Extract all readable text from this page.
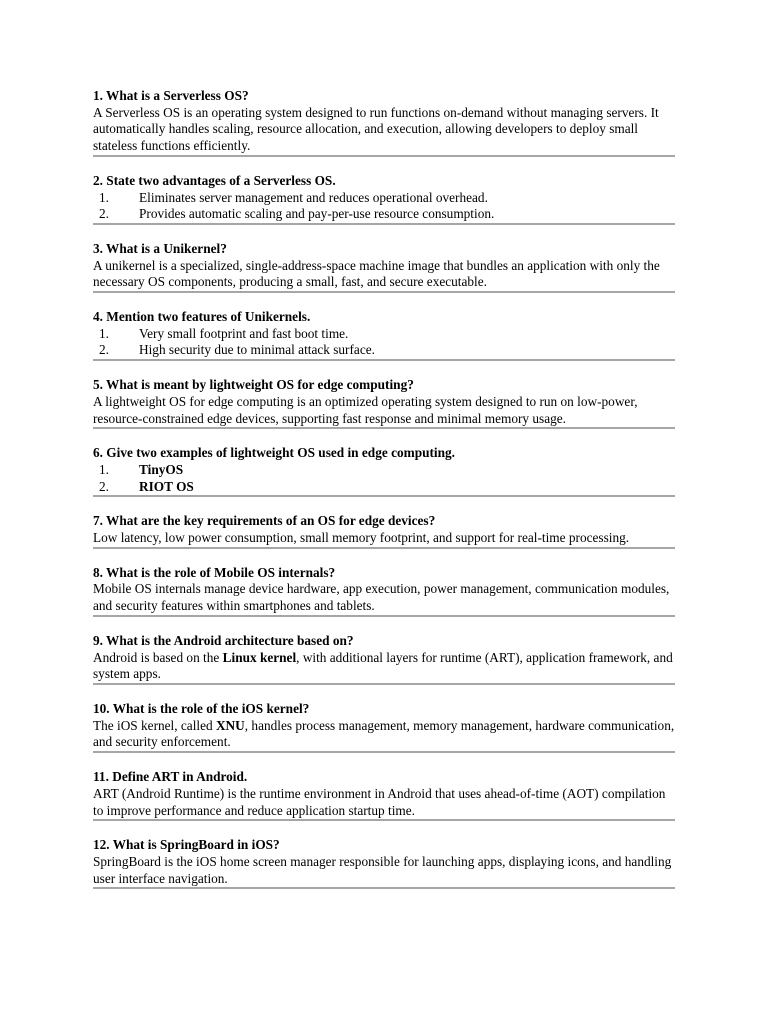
1. What is a Serverless OS?

A Serverless OS is an operating system designed to run functions on-demand without managing servers. It automatically handles scaling, resource allocation, and execution, allowing developers to deploy small stateless functions efficiently.

2. State two advantages of a Serverless OS.

1.	Eliminates server management and reduces operational overhead.
2.	Provides automatic scaling and pay-per-use resource consumption.

3. What is a Unikernel?

A unikernel is a specialized, single-address-space machine image that bundles an application with only the necessary OS components, producing a small, fast, and secure executable.

4. Mention two features of Unikernels.

1.	Very small footprint and fast boot time.
2.	High security due to minimal attack surface.

5. What is meant by lightweight OS for edge computing?

A lightweight OS for edge computing is an optimized operating system designed to run on low-power, resource-constrained edge devices, supporting fast response and minimal memory usage.

6. Give two examples of lightweight OS used in edge computing.

1.	TinyOS
2.	RIOT OS

7. What are the key requirements of an OS for edge devices?

Low latency, low power consumption, small memory footprint, and support for real-time processing.

8. What is the role of Mobile OS internals?

Mobile OS internals manage device hardware, app execution, power management, communication modules, and security features within smartphones and tablets.

9. What is the Android architecture based on?

Android is based on the Linux kernel, with additional layers for runtime (ART), application framework, and system apps.

10. What is the role of the iOS kernel?

The iOS kernel, called XNU, handles process management, memory management, hardware communication, and security enforcement.

11. Define ART in Android.

ART (Android Runtime) is the runtime environment in Android that uses ahead-of-time (AOT) compilation to improve performance and reduce application startup time.

12. What is SpringBoard in iOS?

SpringBoard is the iOS home screen manager responsible for launching apps, displaying icons, and handling user interface navigation.
